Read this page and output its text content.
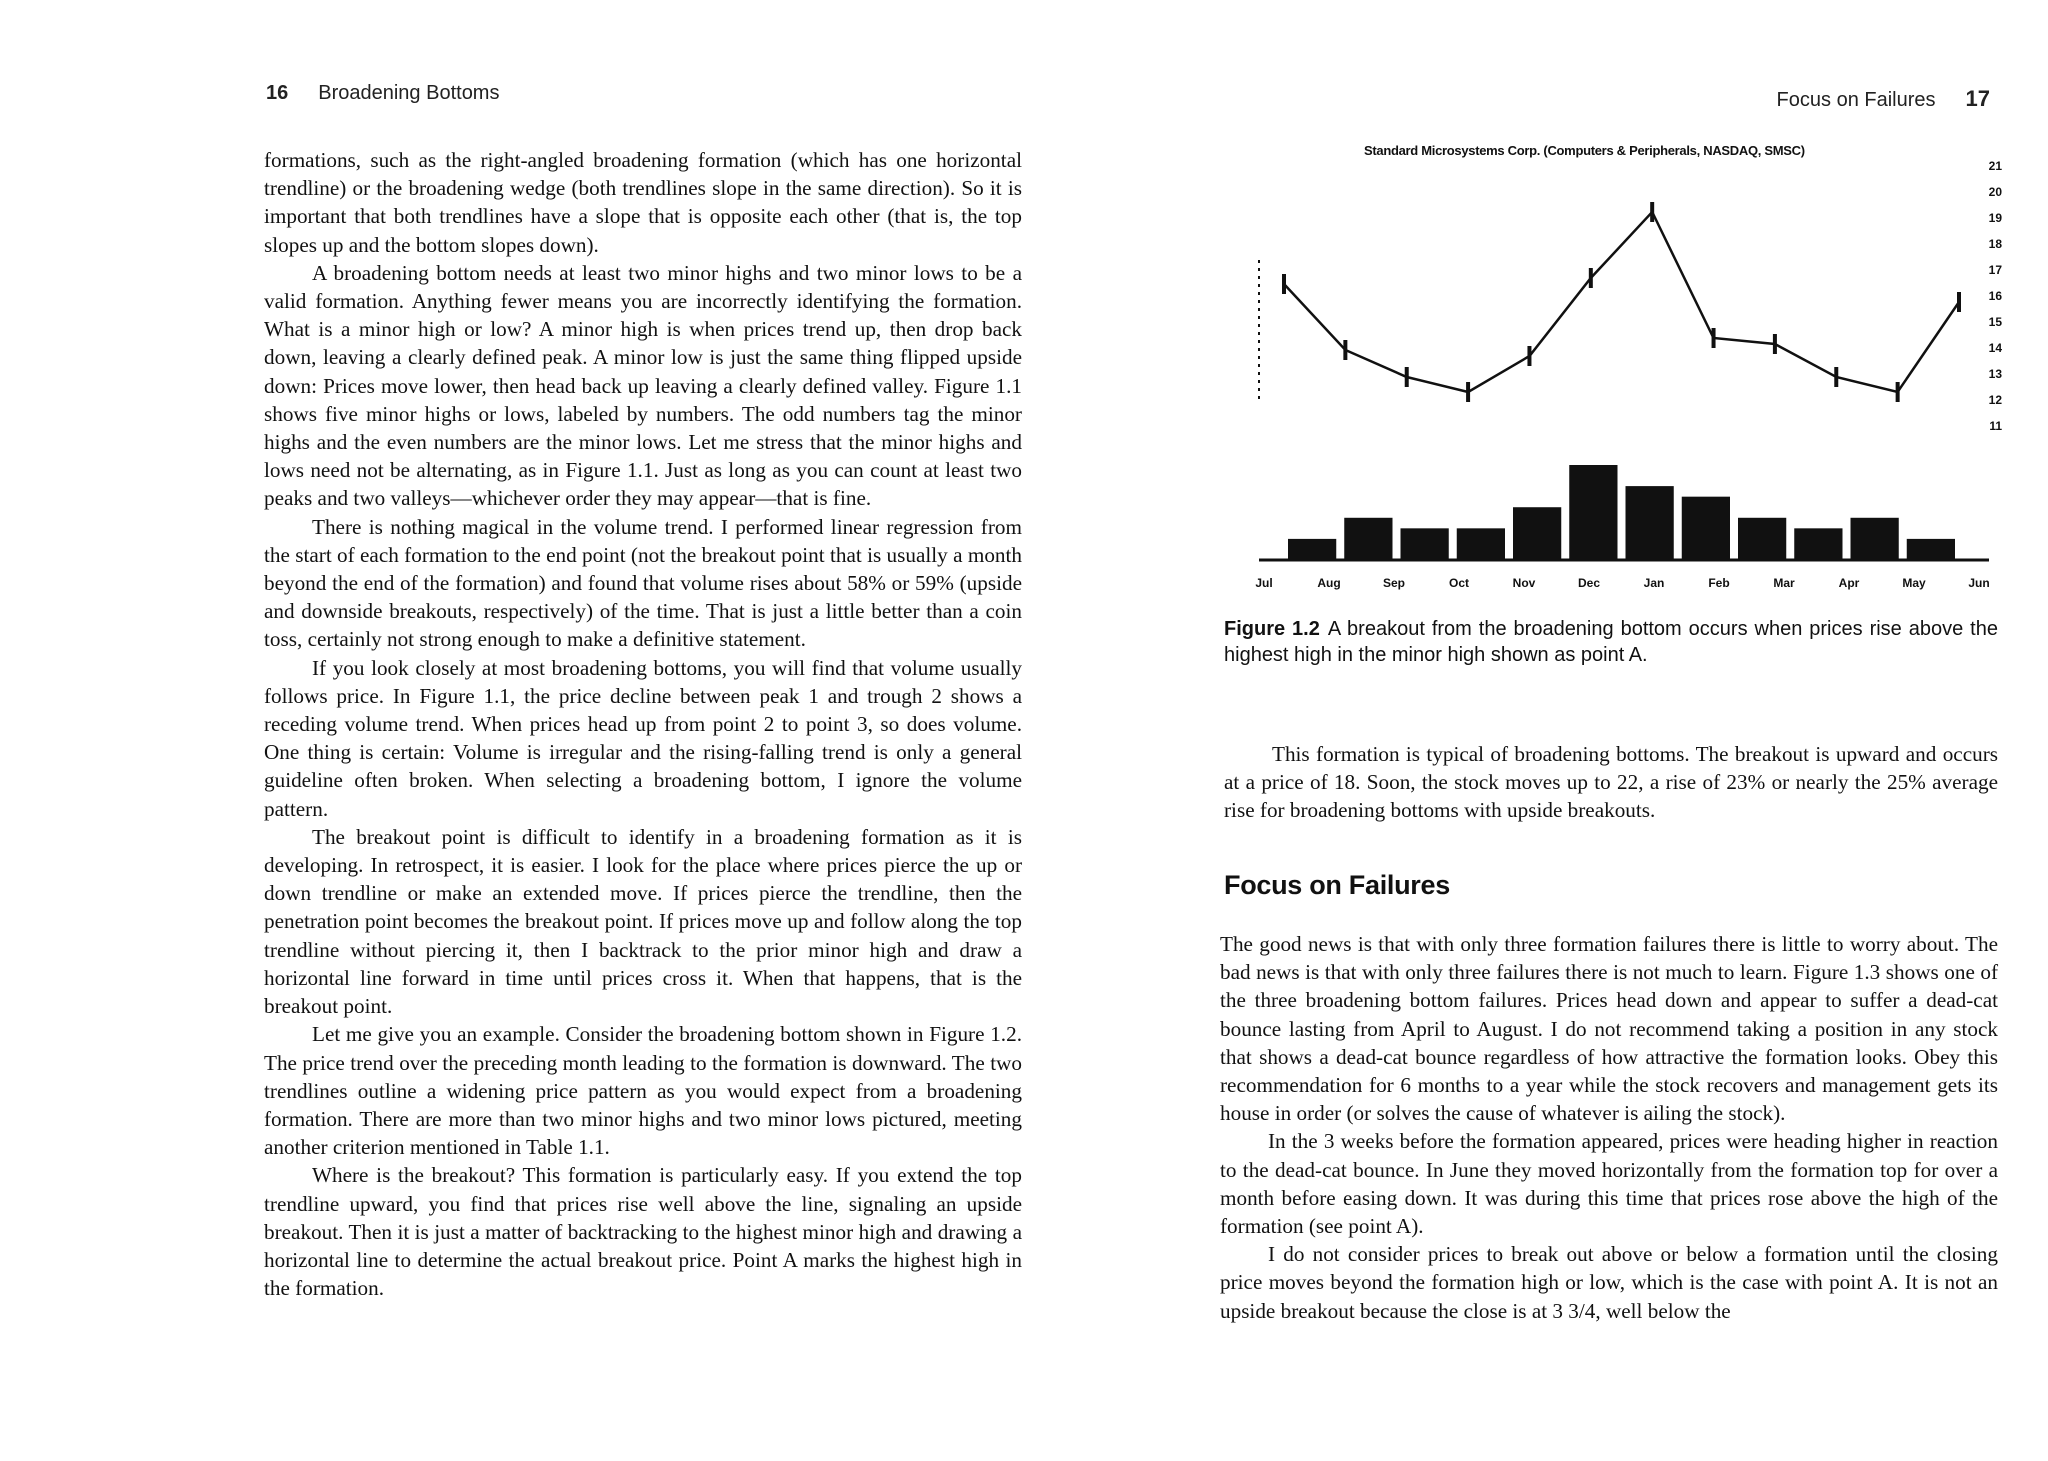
16 Broadening Bottoms

formations, such as the right-angled broadening formation (which has one horizontal trendline) or the broadening wedge (both trendlines slope in the same direction). So it is important that both trendlines have a slope that is opposite each other (that is, the top slopes up and the bottom slopes down).

A broadening bottom needs at least two minor highs and two minor lows to be a valid formation. Anything fewer means you are incorrectly identifying the formation. What is a minor high or low? A minor high is when prices trend up, then drop back down, leaving a clearly defined peak. A minor low is just the same thing flipped upside down: Prices move lower, then head back up leaving a clearly defined valley. Figure 1.1 shows five minor highs or lows, labeled by numbers. The odd numbers tag the minor highs and the even numbers are the minor lows. Let me stress that the minor highs and lows need not be alternating, as in Figure 1.1. Just as long as you can count at least two peaks and two valleys—whichever order they may appear—that is fine.

There is nothing magical in the volume trend. I performed linear regression from the start of each formation to the end point (not the breakout point that is usually a month beyond the end of the formation) and found that volume rises about 58% or 59% (upside and downside breakouts, respectively) of the time. That is just a little better than a coin toss, certainly not strong enough to make a definitive statement.

If you look closely at most broadening bottoms, you will find that volume usually follows price. In Figure 1.1, the price decline between peak 1 and trough 2 shows a receding volume trend. When prices head up from point 2 to point 3, so does volume. One thing is certain: Volume is irregular and the rising-falling trend is only a general guideline often broken. When selecting a broadening bottom, I ignore the volume pattern.

The breakout point is difficult to identify in a broadening formation as it is developing. In retrospect, it is easier. I look for the place where prices pierce the up or down trendline or make an extended move. If prices pierce the trendline, then the penetration point becomes the breakout point. If prices move up and follow along the top trendline without piercing it, then I backtrack to the prior minor high and draw a horizontal line forward in time until prices cross it. When that happens, that is the breakout point.

Let me give you an example. Consider the broadening bottom shown in Figure 1.2. The price trend over the preceding month leading to the formation is downward. The two trendlines outline a widening price pattern as you would expect from a broadening formation. There are more than two minor highs and two minor lows pictured, meeting another criterion mentioned in Table 1.1.

Where is the breakout? This formation is particularly easy. If you extend the top trendline upward, you find that prices rise well above the line, signaling an upside breakout. Then it is just a matter of backtracking to the highest minor high and drawing a horizontal line to determine the actual breakout price. Point A marks the highest high in the formation.

Focus on Failures 17
Standard Microsystems Corp. (Computers & Peripherals, NASDAQ, SMSC)
21
20
19
18
17
16
15
14
13
12
11
Jul	Aug	Sep	Oct	Nov	Dec	Jan	Feb	Mar	Apr	May	Jun
Figure 1.2 A breakout from the broadening bottom occurs when prices rise above the highest high in the minor high shown as point A.

This formation is typical of broadening bottoms. The breakout is upward and occurs at a price of 18. Soon, the stock moves up to 22, a rise of 23% or nearly the 25% average rise for broadening bottoms with upside breakouts.

Focus on Failures

The good news is that with only three formation failures there is little to worry about. The bad news is that with only three failures there is not much to learn. Figure 1.3 shows one of the three broadening bottom failures. Prices head down and appear to suffer a dead-cat bounce lasting from April to August. I do not recommend taking a position in any stock that shows a dead-cat bounce regardless of how attractive the formation looks. Obey this recommendation for 6 months to a year while the stock recovers and management gets its house in order (or solves the cause of whatever is ailing the stock).

In the 3 weeks before the formation appeared, prices were heading higher in reaction to the dead-cat bounce. In June they moved horizontally from the formation top for over a month before easing down. It was during this time that prices rose above the high of the formation (see point A).

I do not consider prices to break out above or below a formation until the closing price moves beyond the formation high or low, which is the case with point A. It is not an upside breakout because the close is at 3 3/4, well below the
